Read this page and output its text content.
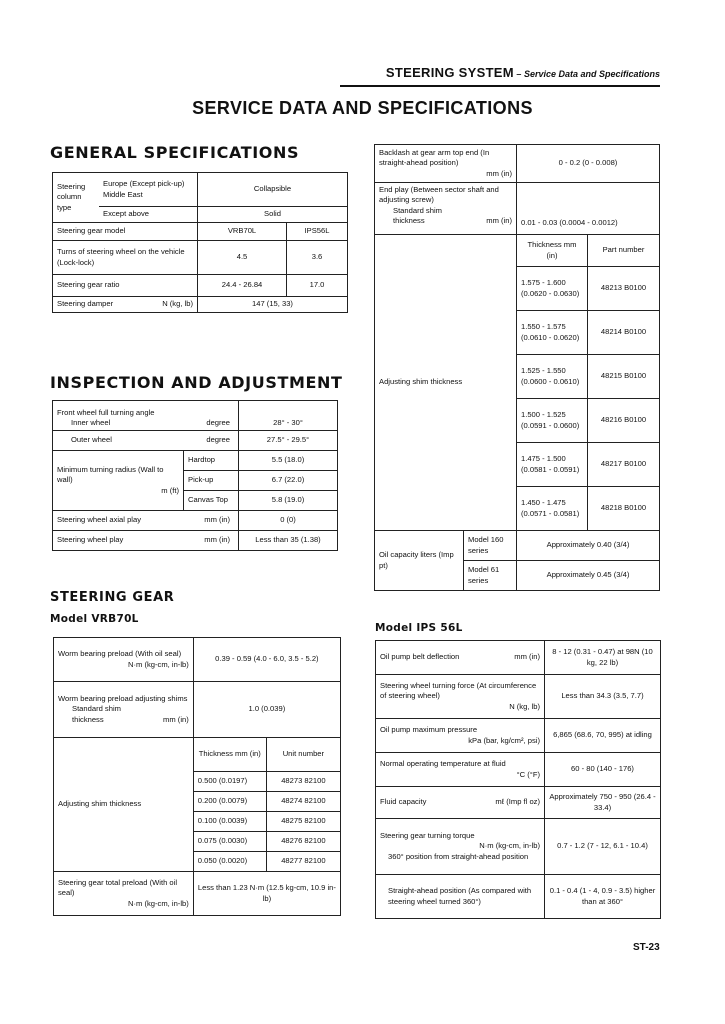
STEERING SYSTEM – Service Data and Specifications
SERVICE DATA AND SPECIFICATIONS
GENERAL SPECIFICATIONS
Steering column type	Europe (Except pick-up) Middle East	Collapsible	
	Except above	Solid	
Steering gear model		VRB70L	IPS56L
Turns of steering wheel on the vehicle (Lock-lock)		4.5	3.6
Steering gear ratio		24.4 - 26.84	17.0

Steering damper N (kg, lb)		147 (15, 33)	
INSPECTION AND ADJUSTMENT
Front wheel full turning angle
Inner wheel degree		28° - 30°

Outer wheel degree		27.5° - 29.5°

Minimum turning radius (Wall to wall)
m (ft)	Hardtop	5.5 (18.0)
	Pick-up	6.7 (22.0)
	Canvas Top	5.8 (19.0)

Steering wheel axial play mm (in)		0 (0)

Steering wheel play mm (in)		Less than 35 (1.38)
STEERING GEAR
Model VRB70L
Worm bearing preload (With oil seal)
N·m (kg-cm, in-lb)	0.39 - 0.59 (4.0 - 6.0, 3.5 - 5.2)	

Worm bearing preload adjusting shims
Standard shim thickness mm (in)	1.0 (0.039)	
Adjusting shim thickness	Thickness mm (in)	Unit number
	0.500 (0.0197)	48273 82100
	0.200 (0.0079)	48274 82100
	0.100 (0.0039)	48275 82100
	0.075 (0.0030)	48276 82100
	0.050 (0.0020)	48277 82100

Steering gear total preload (With oil seal)
N·m (kg-cm, in-lb)	Less than 1.23 N·m (12.5 kg-cm, 10.9 in-lb)	
Backlash at gear arm top end (In straight-ahead position)
mm (in)		0 - 0.2 (0 - 0.008)	

End play (Between sector shaft and adjusting screw)
Standard shim thickness mm (in)		0.01 - 0.03 (0.0004 - 0.0012)	
Adjusting shim thickness		Thickness mm (in)	Part number
		1.575 - 1.600 (0.0620 - 0.0630)	48213 B0100
		1.550 - 1.575 (0.0610 - 0.0620)	48214 B0100
		1.525 - 1.550 (0.0600 - 0.0610)	48215 B0100
		1.500 - 1.525 (0.0591 - 0.0600)	48216 B0100
		1.475 - 1.500 (0.0581 - 0.0591)	48217 B0100
		1.450 - 1.475 (0.0571 - 0.0581)	48218 B0100
Oil capacity liters (Imp pt)	Model 160 series	Approximately 0.40 (3/4)	
	Model 61 series	Approximately 0.45 (3/4)	
Model IPS 56L
Oil pump belt deflection mm (in)	8 - 12 (0.31 - 0.47) at 98N (10 kg, 22 lb)

Steering wheel turning force (At circumference of steering wheel)
N (kg, lb)	Less than 34.3 (3.5, 7.7)

Oil pump maximum pressure
kPa (bar, kg/cm², psi)	6,865 (68.6, 70, 995) at idling

Normal operating temperature at fluid
°C (°F)	60 - 80 (140 - 176)

Fluid capacity mℓ (Imp fl oz)	Approximately 750 - 950 (26.4 - 33.4)

Steering gear turning torque
N·m (kg-cm, in-lb)
360° position from straight-ahead position	0.7 - 1.2 (7 - 12, 6.1 - 10.4)
Straight-ahead position (As compared with steering wheel turned 360°)	0.1 - 0.4 (1 - 4, 0.9 - 3.5) higher than at 360°
ST-23
